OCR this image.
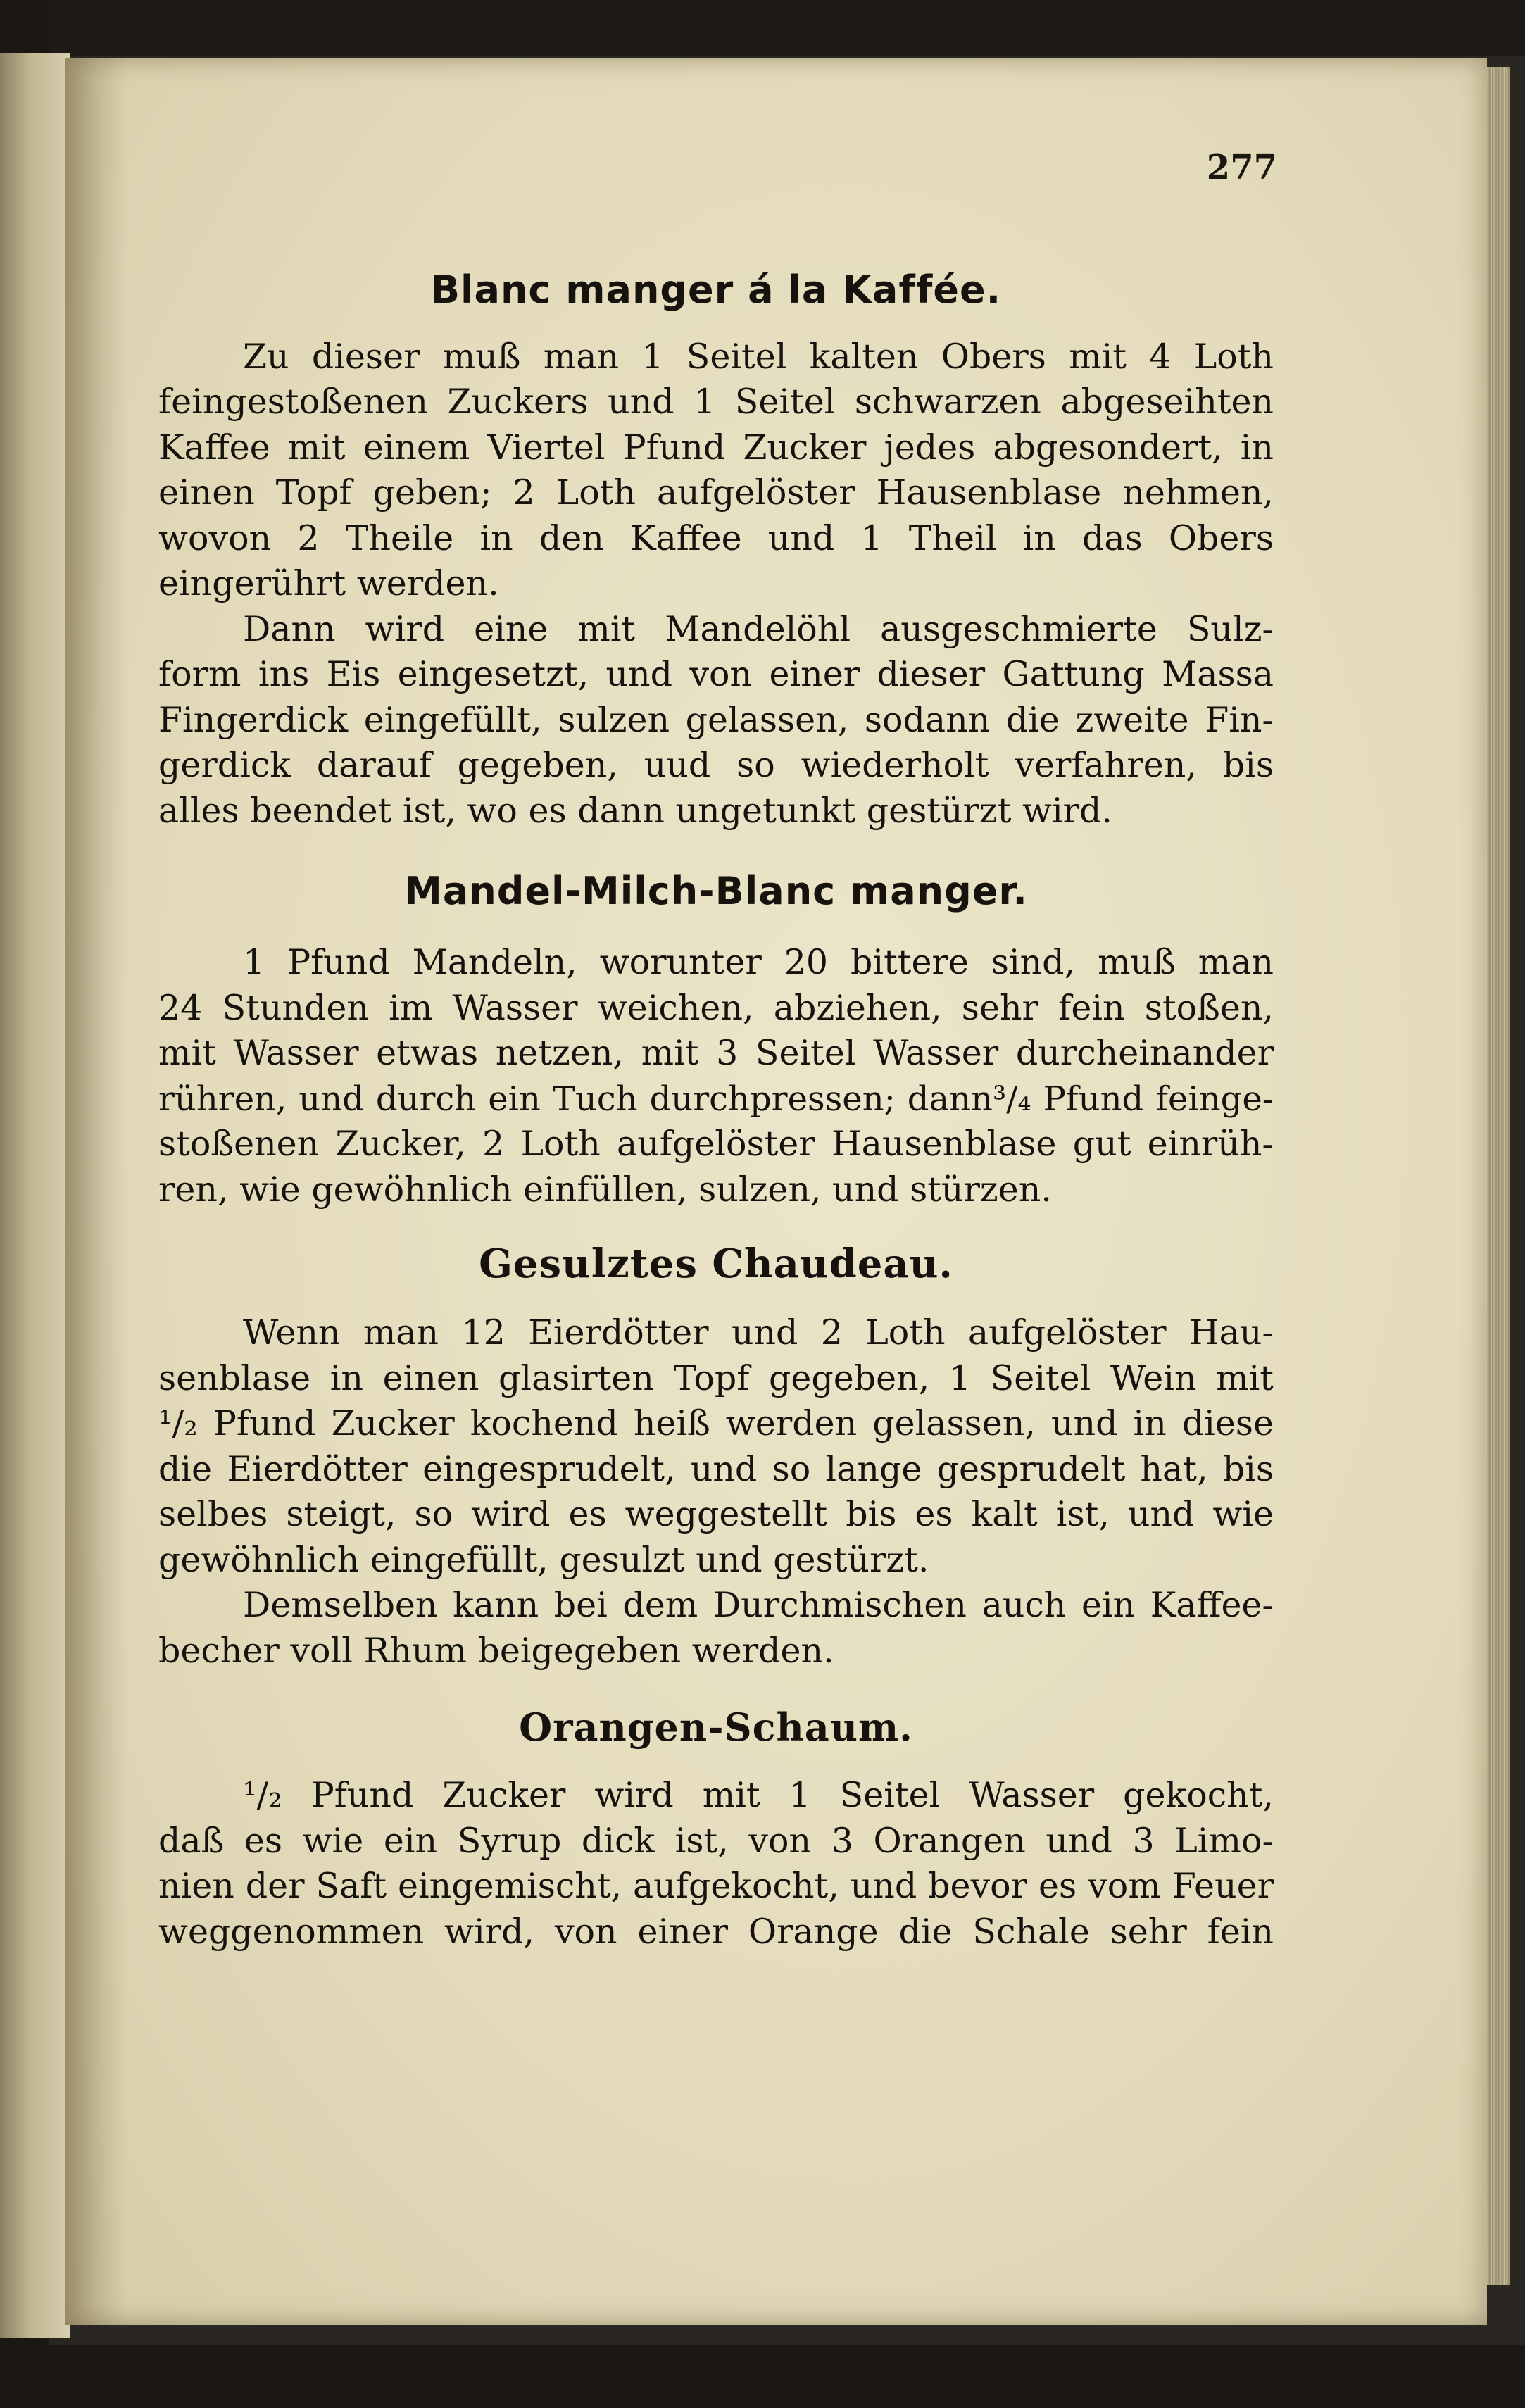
277
Blanc manger á la Kaffée.
Zu dieser muß man 1 Seitel kalten Obers mit 4 Loth
feingestoßenen Zuckers und 1 Seitel schwarzen abgeseihten
Kaffee mit einem Viertel Pfund Zucker jedes abgesondert, in
einen Topf geben; 2 Loth aufgelöster Hausenblase nehmen,
wovon 2 Theile in den Kaffee und 1 Theil in das Obers
eingerührt werden.
Dann wird eine mit Mandelöhl ausgeschmierte Sulz-
form ins Eis eingesetzt, und von einer dieser Gattung Massa
Fingerdick eingefüllt, sulzen gelassen, sodann die zweite Fin-
gerdick darauf gegeben, uud so wiederholt verfahren, bis
alles beendet ist, wo es dann ungetunkt gestürzt wird.
Mandel-Milch-Blanc manger.
1 Pfund Mandeln, worunter 20 bittere sind, muß man
24 Stunden im Wasser weichen, abziehen, sehr fein stoßen,
mit Wasser etwas netzen, mit 3 Seitel Wasser durcheinander
rühren, und durch ein Tuch durchpressen; dann³/₄ Pfund feinge-
stoßenen Zucker, 2 Loth aufgelöster Hausenblase gut einrüh-
ren, wie gewöhnlich einfüllen, sulzen, und stürzen.
Gesulztes Chaudeau.
Wenn man 12 Eierdötter und 2 Loth aufgelöster Hau-
senblase in einen glasirten Topf gegeben, 1 Seitel Wein mit
¹/₂ Pfund Zucker kochend heiß werden gelassen, und in diese
die Eierdötter eingesprudelt, und so lange gesprudelt hat, bis
selbes steigt, so wird es weggestellt bis es kalt ist, und wie
gewöhnlich eingefüllt, gesulzt und gestürzt.
Demselben kann bei dem Durchmischen auch ein Kaffee-
becher voll Rhum beigegeben werden.
Orangen-Schaum.
¹/₂ Pfund Zucker wird mit 1 Seitel Wasser gekocht,
daß es wie ein Syrup dick ist, von 3 Orangen und 3 Limo-
nien der Saft eingemischt, aufgekocht, und bevor es vom Feuer
weggenommen wird, von einer Orange die Schale sehr fein
